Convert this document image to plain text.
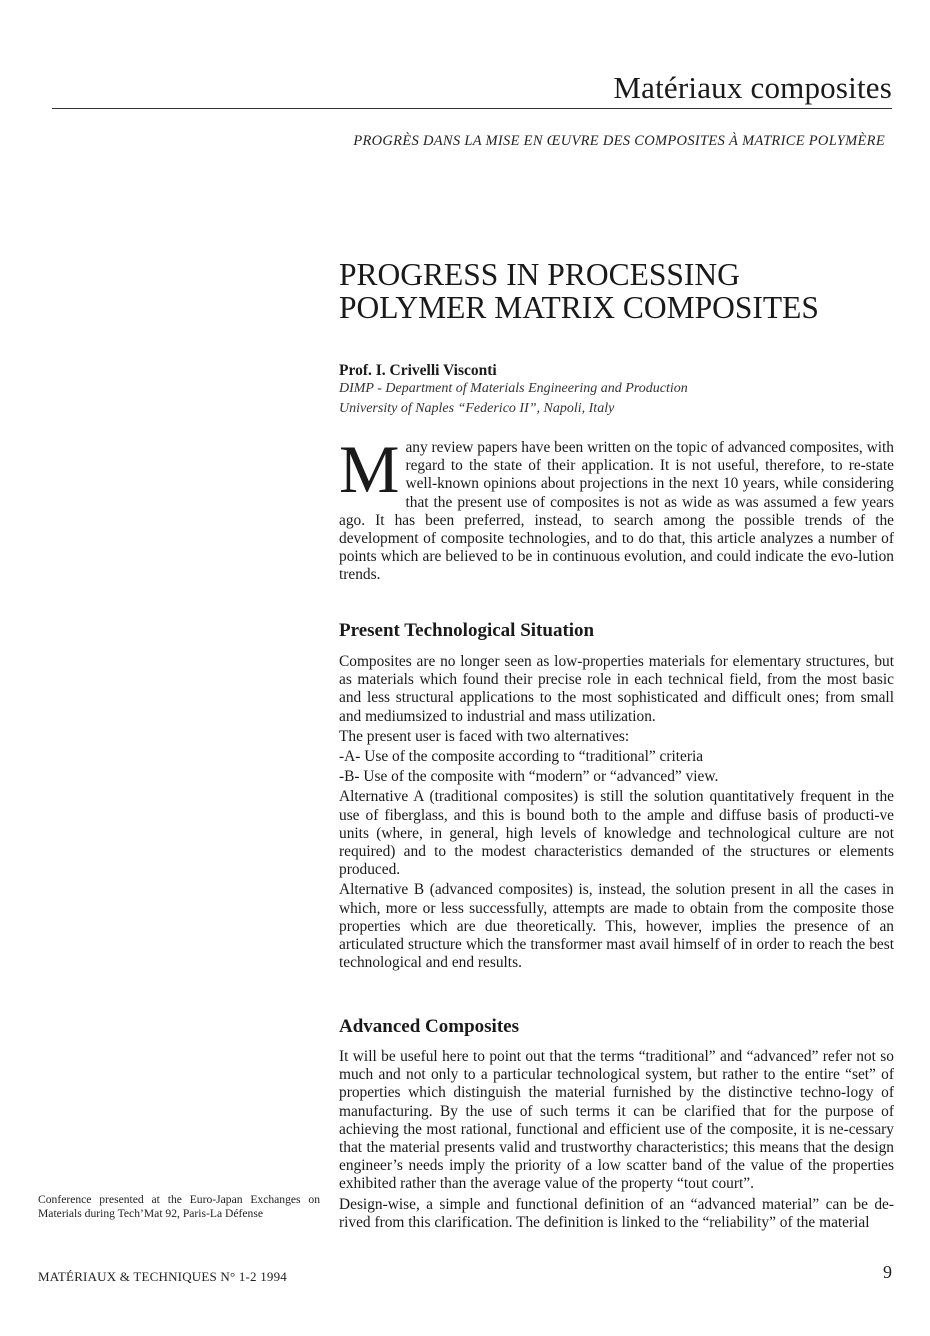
Matériaux composites
PROGRÈS DANS LA MISE EN ŒUVRE DES COMPOSITES À MATRICE POLYMÈRE
PROGRESS IN PROCESSING
POLYMER MATRIX COMPOSITES
Prof. I. Crivelli Visconti
DIMP - Department of Materials Engineering and Production
University of Naples “Federico II”, Napoli, Italy
M any review papers have been written on the topic of advanced composites, with regard to the state of their application. It is not useful, therefore, to re-state well-known opinions about projections in the next 10 years, while considering that the present use of composites is not as wide as was assumed a few years ago. It has been preferred, instead, to search among the possible trends of the development of composite technologies, and to do that, this article analyzes a number of points which are believed to be in continuous evolution, and could indicate the evo-lution trends.
Present Technological Situation

Composites are no longer seen as low-properties materials for elementary structures, but as materials which found their precise role in each technical field, from the most basic and less structural applications to the most sophisticated and difficult ones; from small and mediumsized to industrial and mass utilization.

The present user is faced with two alternatives:

-A- Use of the composite according to “traditional” criteria

-B- Use of the composite with “modern” or “advanced” view.

Alternative A (traditional composites) is still the solution quantitatively frequent in the use of fiberglass, and this is bound both to the ample and diffuse basis of producti-ve units (where, in general, high levels of knowledge and technological culture are not required) and to the modest characteristics demanded of the structures or elements produced.

Alternative B (advanced composites) is, instead, the solution present in all the cases in which, more or less successfully, attempts are made to obtain from the composite those properties which are due theoretically. This, however, implies the presence of an articulated structure which the transformer mast avail himself of in order to reach the best technological and end results.

Advanced Composites

It will be useful here to point out that the terms “traditional” and “advanced” refer not so much and not only to a particular technological system, but rather to the entire “set” of properties which distinguish the material furnished by the distinctive techno-logy of manufacturing. By the use of such terms it can be clarified that for the purpose of achieving the most rational, functional and efficient use of the composite, it is ne-cessary that the material presents valid and trustworthy characteristics; this means that the design engineer’s needs imply the priority of a low scatter band of the value of the properties exhibited rather than the average value of the property “tout court”.

Design-wise, a simple and functional definition of an “advanced material” can be de-rived from this clarification. The definition is linked to the “reliability” of the material

Conference presented at the Euro-Japan Exchanges on Materials during Tech’Mat 92, Paris-La Défense
MATÉRIAUX & TECHNIQUES N° 1-2 1994	9
